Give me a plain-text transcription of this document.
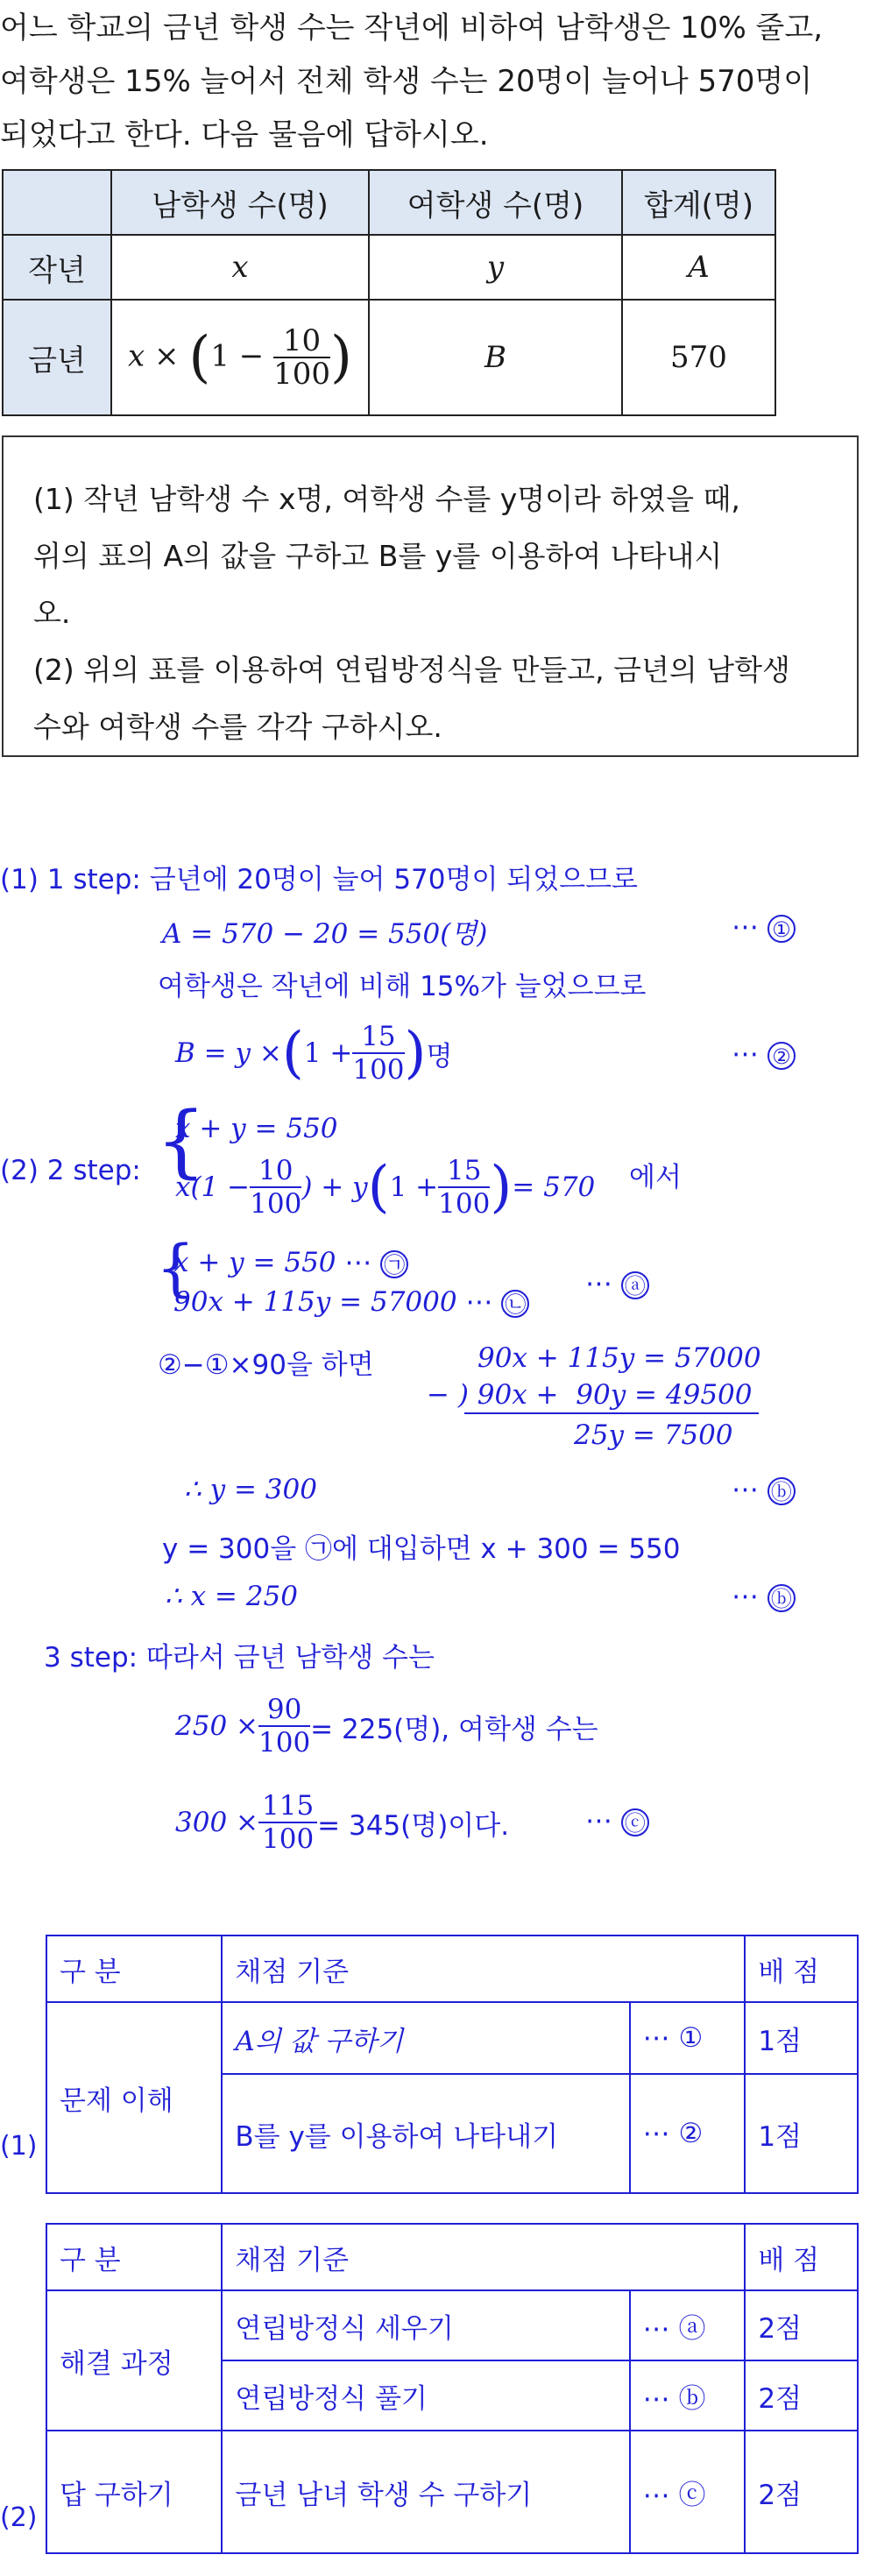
어느 학교의 금년 학생 수는 작년에 비하여 남학생은 10% 줄고,
여학생은 15% 늘어서 전체 학생 수는 20명이 늘어나 570명이
되었다고 한다. 다음 물음에 답하시오.
	남학생 수(명)	여학생 수(명)	합계(명)
작년	x	y	A
금년	$x \times (1 - \frac{10}{100}$ )	B	570
(1) 작년 남학생 수 x명, 여학생 수를 y명이라 하였을 때,
위의 표의 A의 값을 구하고 B를 y를 이용하여 나타내시
오.
(2) 위의 표를 이용하여 연립방정식을 만들고, 금년의 남학생
수와 여학생 수를 각각 구하시오.
(1) 1 step: 금년에 20명이 늘어 570명이 되었으므로
A = 570 − 20 = 550(명)	⋯ ①
여학생은 작년에 비해 15%가 늘었으므로
B = y × ( $1 + \frac{15}{100}$ ) 명	⋯ ②
(2) 2 step: {
x + y = 550
$x(1 - \frac{10}{100}$ ) + y ( $1 + \frac{15}{100}$ ) = 570 에서
{
x + y = 550 ⋯ ㉠
90x + 115y = 57000 ⋯ ㉡
⋯ ⓐ
②−①×90을 하면	90x + 115y = 57000
− ) 90x +  90y = 49500
25y = 7500
∴ y = 300	⋯ ⓑ
y = 300을 ㉠에 대입하면 x + 300 = 550
∴ x = 250	⋯ ⓑ
3 step: 따라서 금년 남학생 수는
$250 \times \frac{90}{100} = 225$(명), 여학생 수는
$300 \times \frac{115}{100} = 345$(명)이다.	⋯ ⓒ
(1)
구 분	채점 기준		배 점
문제 이해	A의 값 구하기	⋯ ①	1점
	B를 y를 이용하여 나타내기	⋯ ②	1점
(2)
구 분	채점 기준		배 점
해결 과정	연립방정식 세우기	⋯ ⓐ	2점
	연립방정식 풀기	⋯ ⓑ	2점
답 구하기	금년 남녀 학생 수 구하기	⋯ ⓒ	2점
